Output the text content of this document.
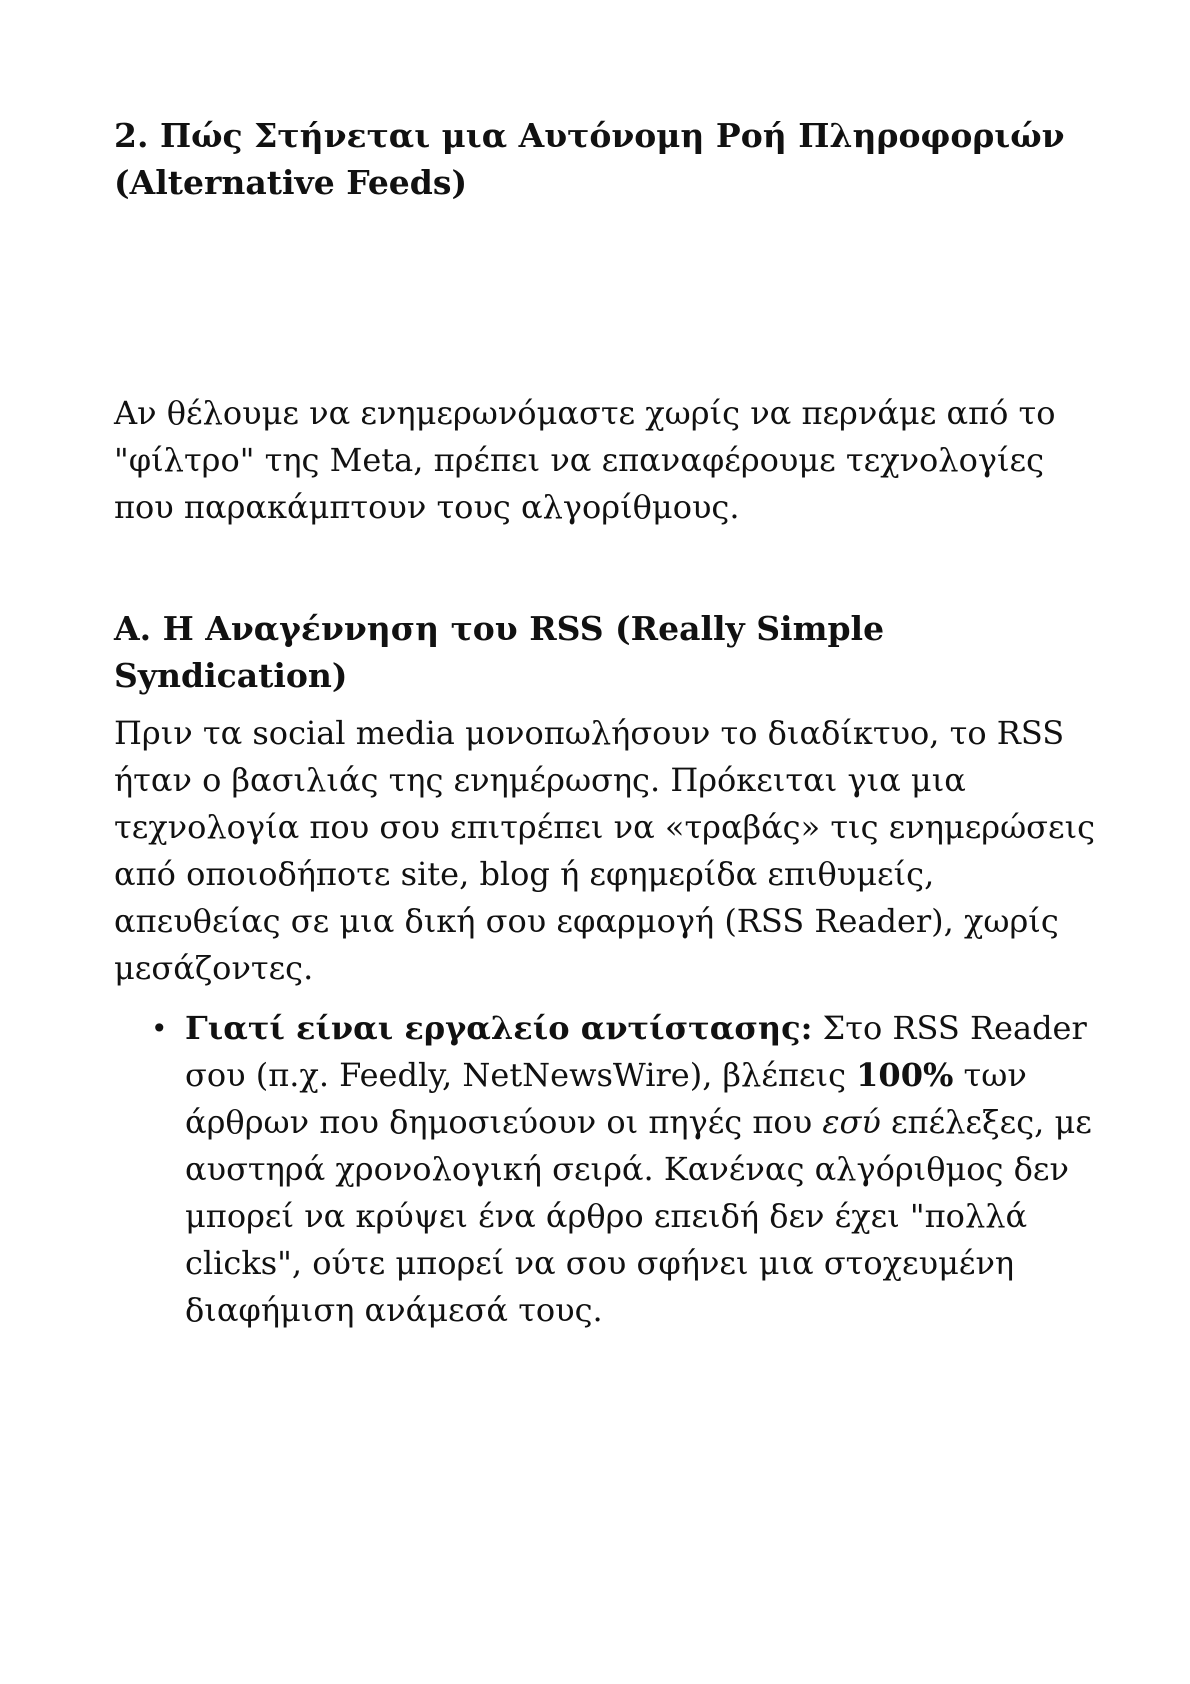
2. Πώς Στήνεται μια Αυτόνομη Ροή Πληροφοριών
(Alternative Feeds)

Αν θέλουμε να ενημερωνόμαστε χωρίς να περνάμε από το
"φίλτρο" της Meta, πρέπει να επαναφέρουμε τεχνολογίες
που παρακάμπτουν τους αλγορίθμους.

A. Η Αναγέννηση του RSS (Really Simple
Syndication)

Πριν τα social media μονοπωλήσουν το διαδίκτυο, το RSS
ήταν ο βασιλιάς της ενημέρωσης. Πρόκειται για μια
τεχνολογία που σου επιτρέπει να «τραβάς» τις ενημερώσεις
από οποιοδήποτε site, blog ή εφημερίδα επιθυμείς,
απευθείας σε μια δική σου εφαρμογή (RSS Reader), χωρίς
μεσάζοντες.

• Γιατί είναι εργαλείο αντίστασης: Στο RSS Reader
σου (π.χ. Feedly, NetNewsWire), βλέπεις 100% των
άρθρων που δημοσιεύουν οι πηγές που εσύ επέλεξες, με
αυστηρά χρονολογική σειρά. Κανένας αλγόριθμος δεν
μπορεί να κρύψει ένα άρθρο επειδή δεν έχει "πολλά
clicks", ούτε μπορεί να σου σφήνει μια στοχευμένη
διαφήμιση ανάμεσά τους.
